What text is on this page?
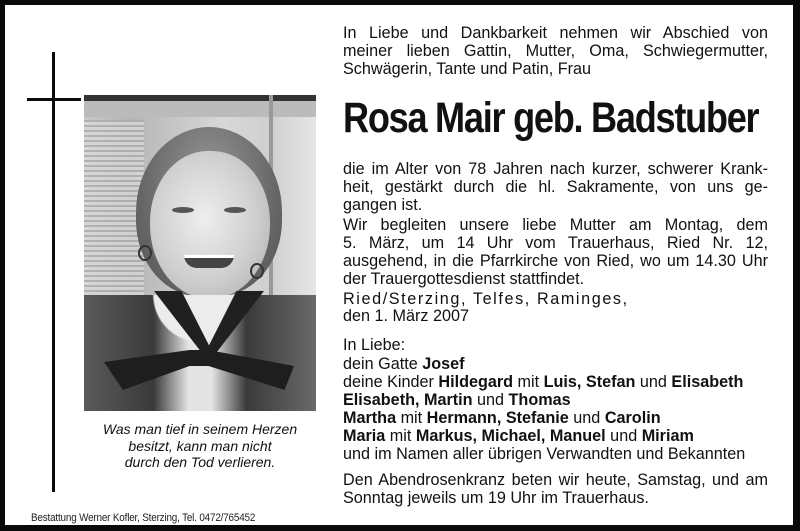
Was man tief in seinem Herzen
besitzt, kann man nicht
durch den Tod verlieren.
Bestattung Werner Kofler, Sterzing, Tel. 0472/765452
In Liebe und Dankbarkeit nehmen wir Abschied von
meiner lieben Gattin, Mutter, Oma, Schwiegermutter,
Schwägerin, Tante und Patin, Frau
Rosa Mair geb. Badstuber
die im Alter von 78 Jahren nach kurzer, schwerer Krank-
heit, gestärkt durch die hl. Sakramente, von uns ge-
gangen ist.
Wir begleiten unsere liebe Mutter am Montag, dem
5. März, um 14 Uhr vom Trauerhaus, Ried Nr. 12,
ausgehend, in die Pfarrkirche von Ried, wo um 14.30 Uhr
der Trauergottesdienst stattfindet.
Ried/Sterzing, Telfes, Raminges,
den 1. März 2007
In Liebe:
dein Gatte Josef
deine Kinder Hildegard mit Luis, Stefan und Elisabeth
Elisabeth, Martin und Thomas
Martha mit Hermann, Stefanie und Carolin
Maria mit Markus, Michael, Manuel und Miriam
und im Namen aller übrigen Verwandten und Bekannten
Den Abendrosenkranz beten wir heute, Samstag, und am
Sonntag jeweils um 19 Uhr im Trauerhaus.
